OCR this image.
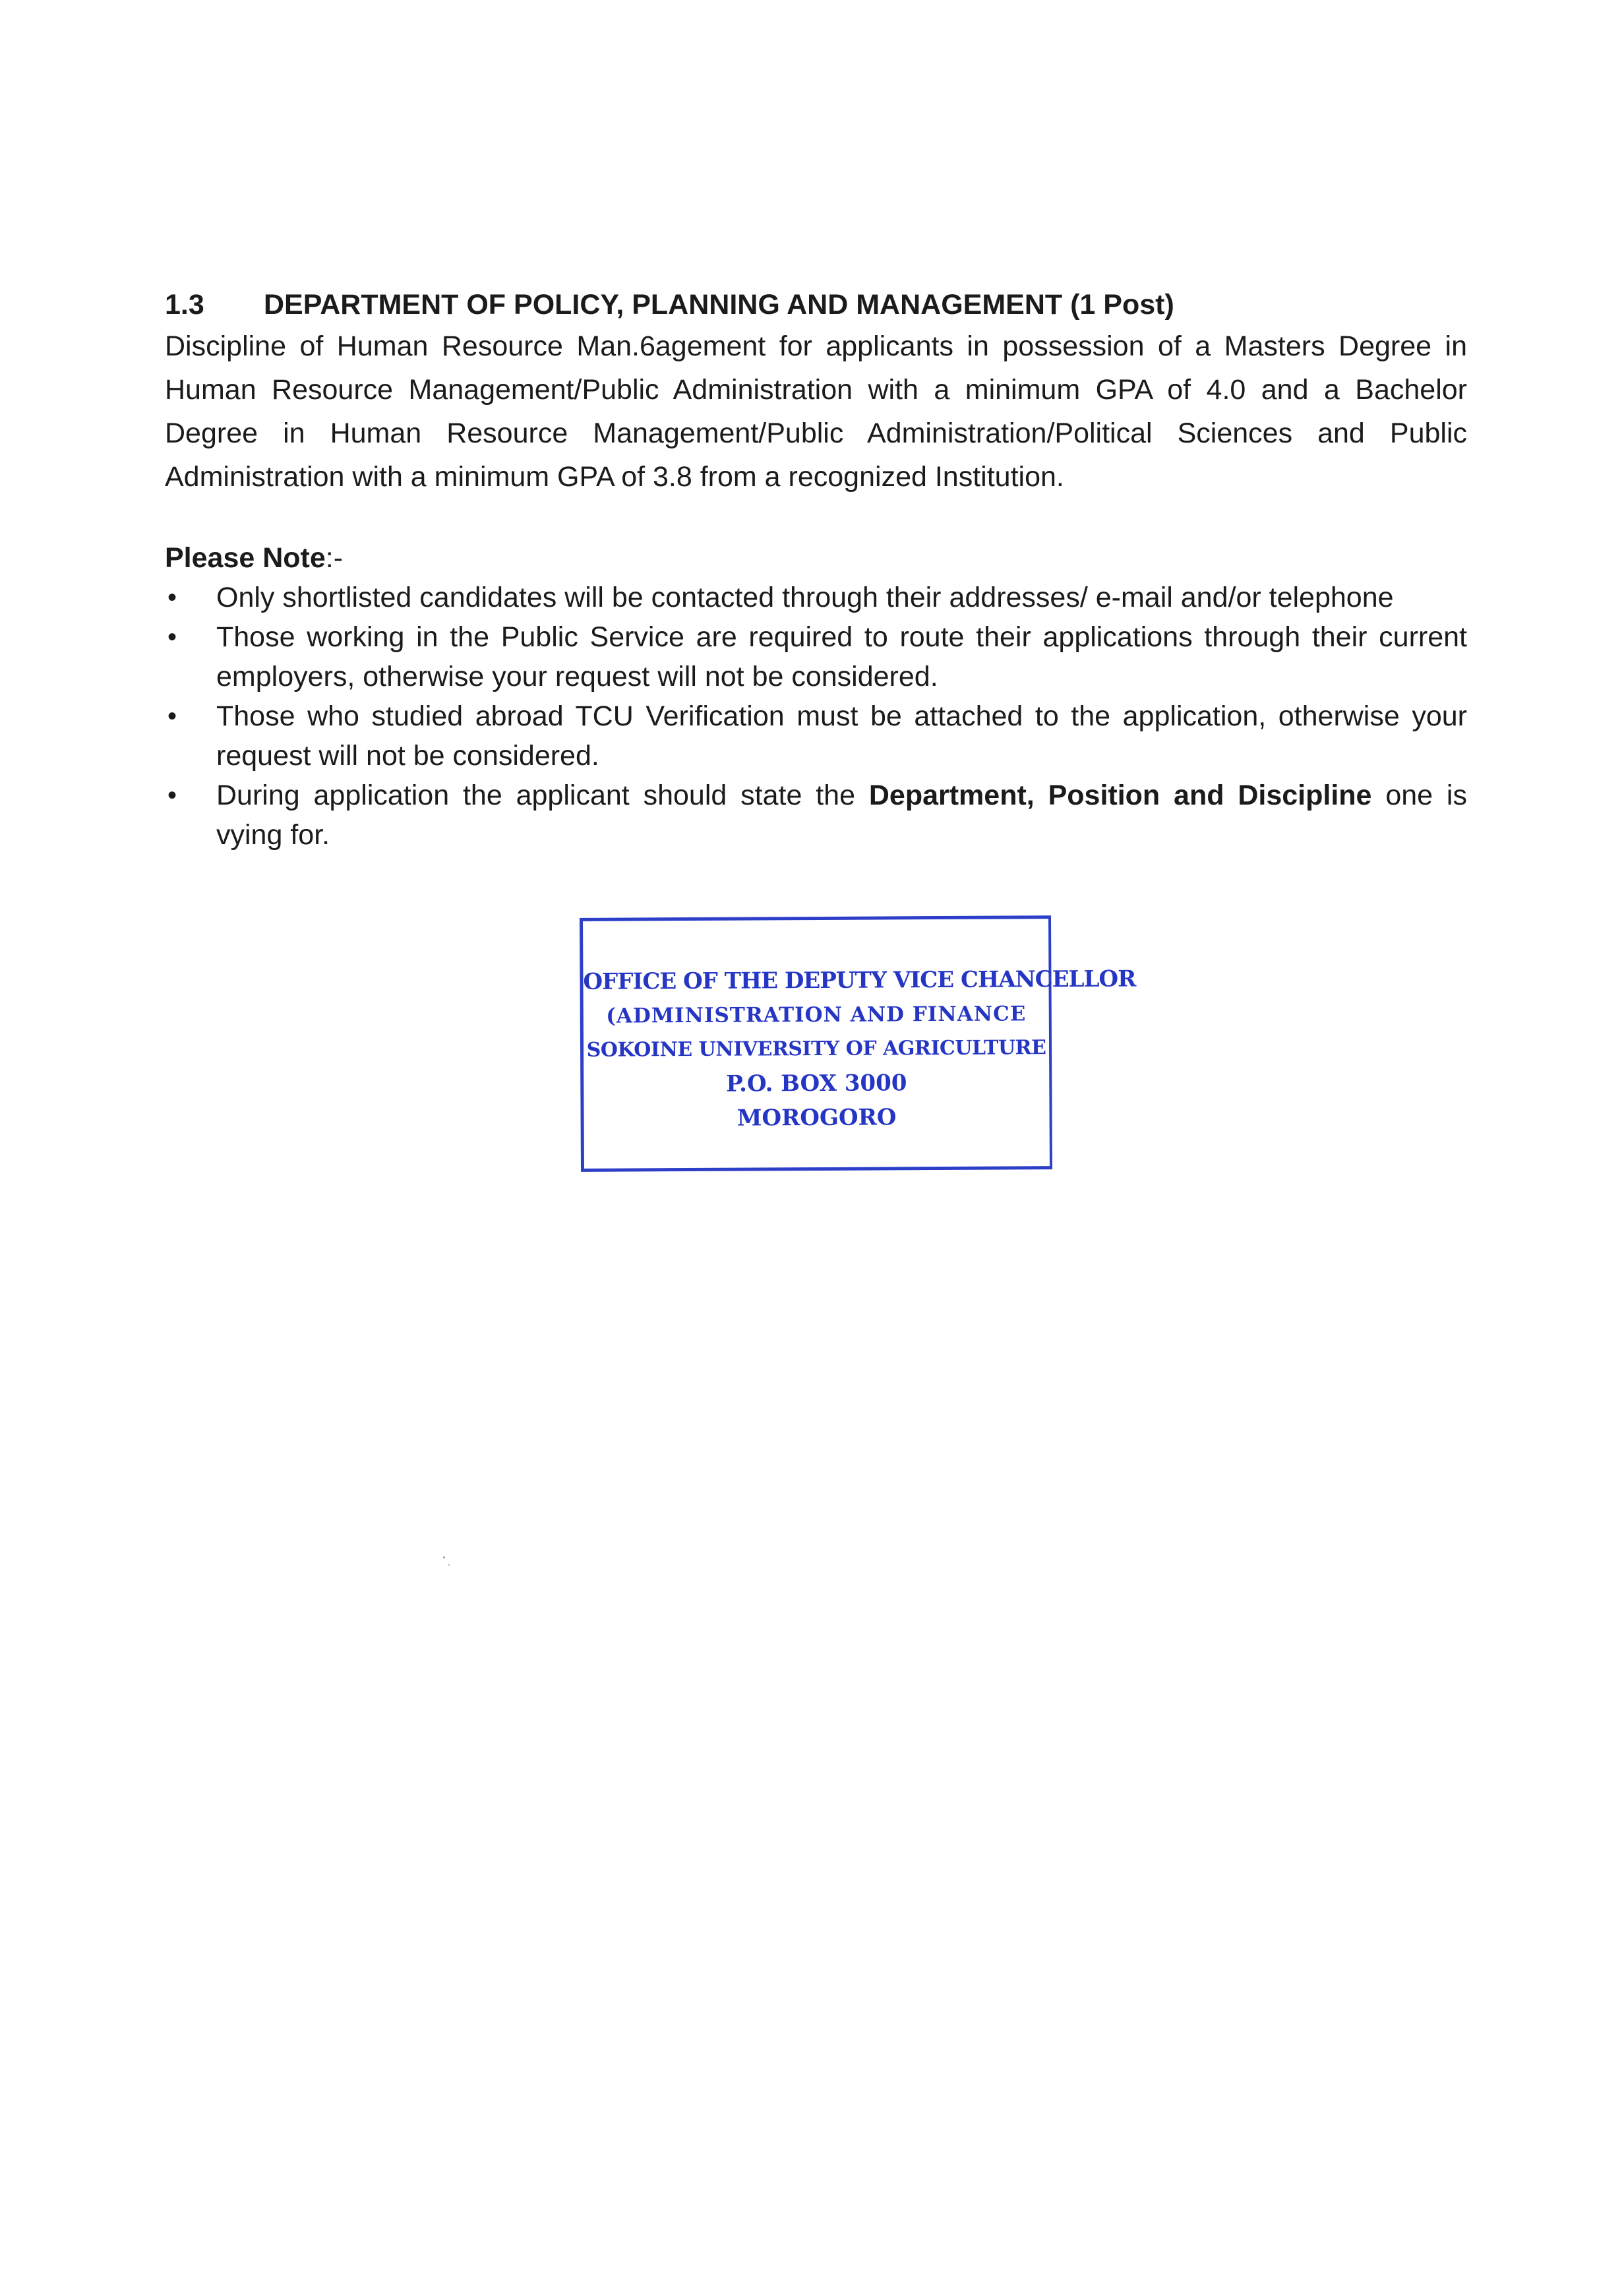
1.3 DEPARTMENT OF POLICY, PLANNING AND MANAGEMENT (1 Post)

Discipline of Human Resource Man.6agement for applicants in possession of a Masters Degree in Human Resource Management/Public Administration with a minimum GPA of 4.0 and a Bachelor Degree in Human Resource Management/Public Administration/Political Sciences and Public Administration with a minimum GPA of 3.8 from a recognized Institution.

Please Note:-
• Only shortlisted candidates will be contacted through their addresses/ e-mail and/or telephone
• Those working in the Public Service are required to route their applications through their current employers, otherwise your request will not be considered.
• Those who studied abroad TCU Verification must be attached to the application, otherwise your request will not be considered.
• During application the applicant should state the Department, Position and Discipline one is vying for.
OFFICE OF THE DEPUTY VICE CHANCELLOR
(ADMINISTRATION AND FINANCE
SOKOINE UNIVERSITY OF AGRICULTURE
P.O. BOX 3000
MOROGORO
